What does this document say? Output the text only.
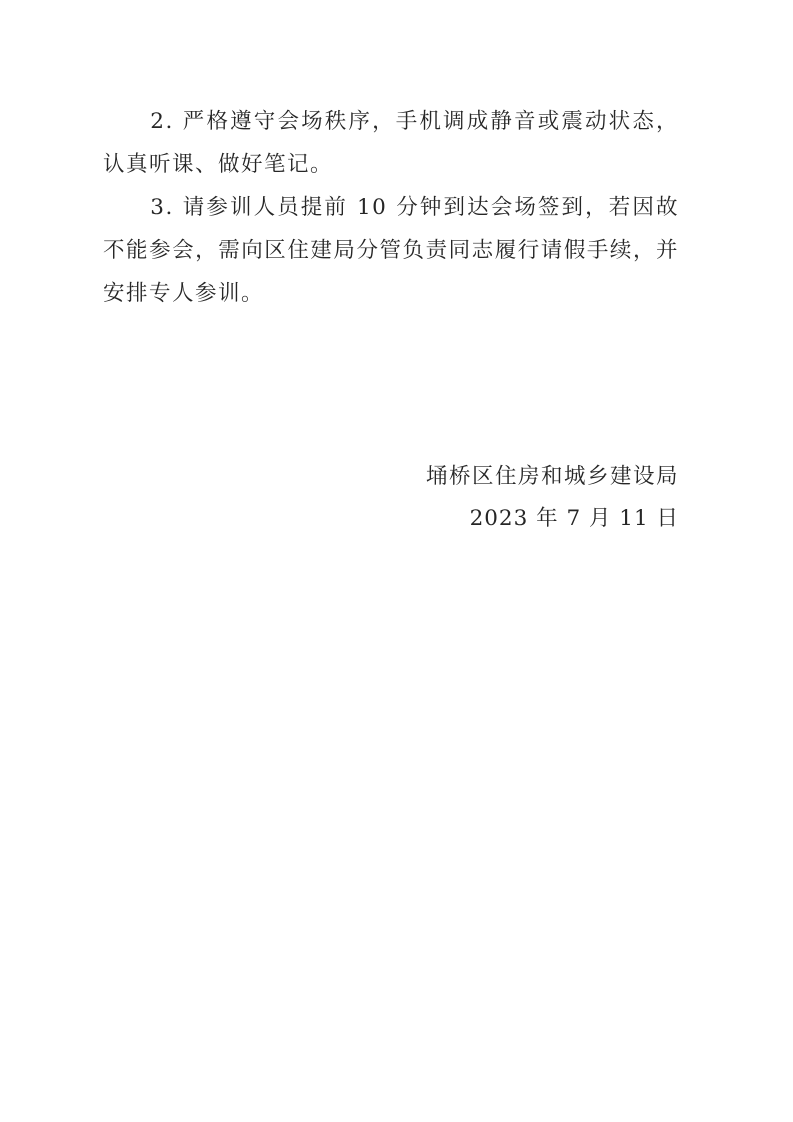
2. 严格遵守会场秩序，手机调成静音或震动状态，认真听课、做好笔记。

3. 请参训人员提前 10 分钟到达会场签到，若因故不能参会，需向区住建局分管负责同志履行请假手续，并安排专人参训。

埇桥区住房和城乡建设局
2023 年 7 月 11 日
